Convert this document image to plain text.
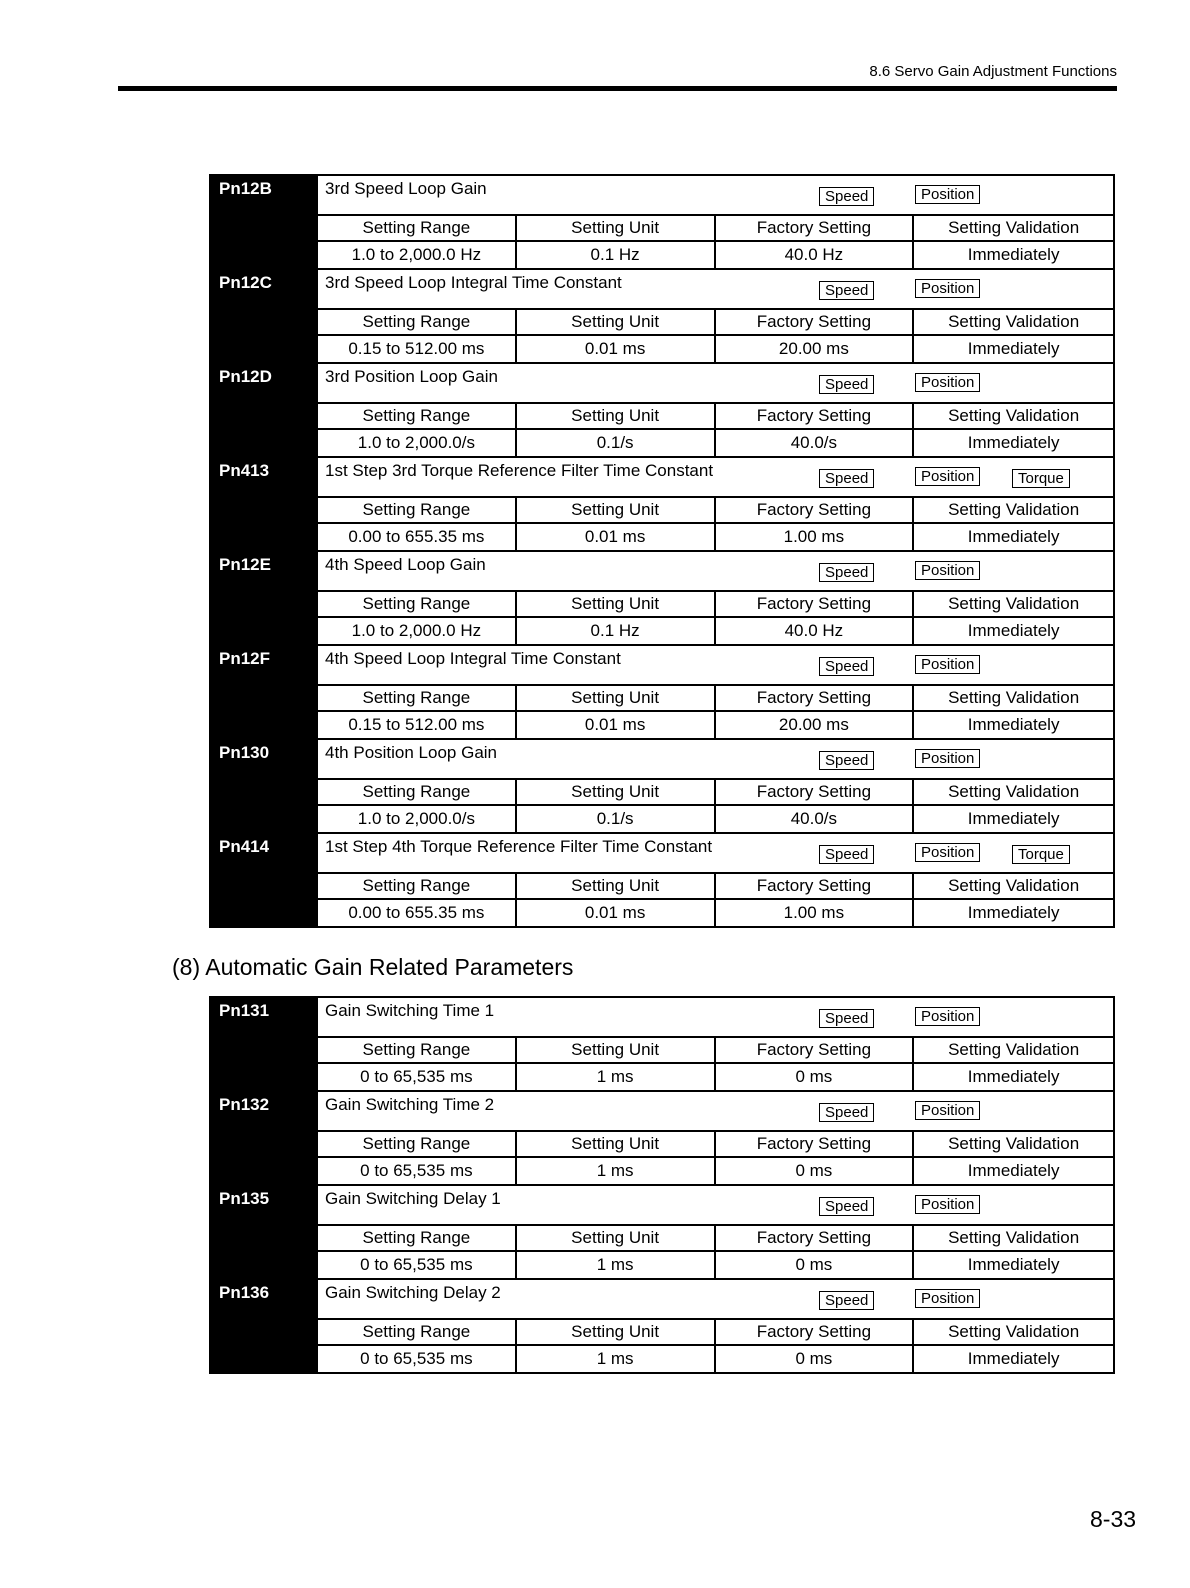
8.6 Servo Gain Adjustment Functions
Pn12B	3rd Speed Loop Gain	Speed	Position
Setting Range	Setting Unit	Factory Setting	Setting Validation
1.0 to 2,000.0 Hz	0.1 Hz	40.0 Hz	Immediately
Pn12C	3rd Speed Loop Integral Time Constant	Speed	Position
Setting Range	Setting Unit	Factory Setting	Setting Validation
0.15 to 512.00 ms	0.01 ms	20.00 ms	Immediately
Pn12D	3rd Position Loop Gain	Speed	Position
Setting Range	Setting Unit	Factory Setting	Setting Validation
1.0 to 2,000.0/s	0.1/s	40.0/s	Immediately
Pn413	1st Step 3rd Torque Reference Filter Time Constant	Speed	Position	Torque
Setting Range	Setting Unit	Factory Setting	Setting Validation
0.00 to 655.35 ms	0.01 ms	1.00 ms	Immediately
Pn12E	4th Speed Loop Gain	Speed	Position
Setting Range	Setting Unit	Factory Setting	Setting Validation
1.0 to 2,000.0 Hz	0.1 Hz	40.0 Hz	Immediately
Pn12F	4th Speed Loop Integral Time Constant	Speed	Position
Setting Range	Setting Unit	Factory Setting	Setting Validation
0.15 to 512.00 ms	0.01 ms	20.00 ms	Immediately
Pn130	4th Position Loop Gain	Speed	Position
Setting Range	Setting Unit	Factory Setting	Setting Validation
1.0 to 2,000.0/s	0.1/s	40.0/s	Immediately
Pn414	1st Step 4th Torque Reference Filter Time Constant	Speed	Position	Torque
Setting Range	Setting Unit	Factory Setting	Setting Validation
0.00 to 655.35 ms	0.01 ms	1.00 ms	Immediately
(8) Automatic Gain Related Parameters
Pn131	Gain Switching Time 1	Speed	Position
Setting Range	Setting Unit	Factory Setting	Setting Validation
0 to 65,535 ms	1 ms	0 ms	Immediately
Pn132	Gain Switching Time 2	Speed	Position
Setting Range	Setting Unit	Factory Setting	Setting Validation
0 to 65,535 ms	1 ms	0 ms	Immediately
Pn135	Gain Switching Delay 1	Speed	Position
Setting Range	Setting Unit	Factory Setting	Setting Validation
0 to 65,535 ms	1 ms	0 ms	Immediately
Pn136	Gain Switching Delay 2	Speed	Position
Setting Range	Setting Unit	Factory Setting	Setting Validation
0 to 65,535 ms	1 ms	0 ms	Immediately
8-33
